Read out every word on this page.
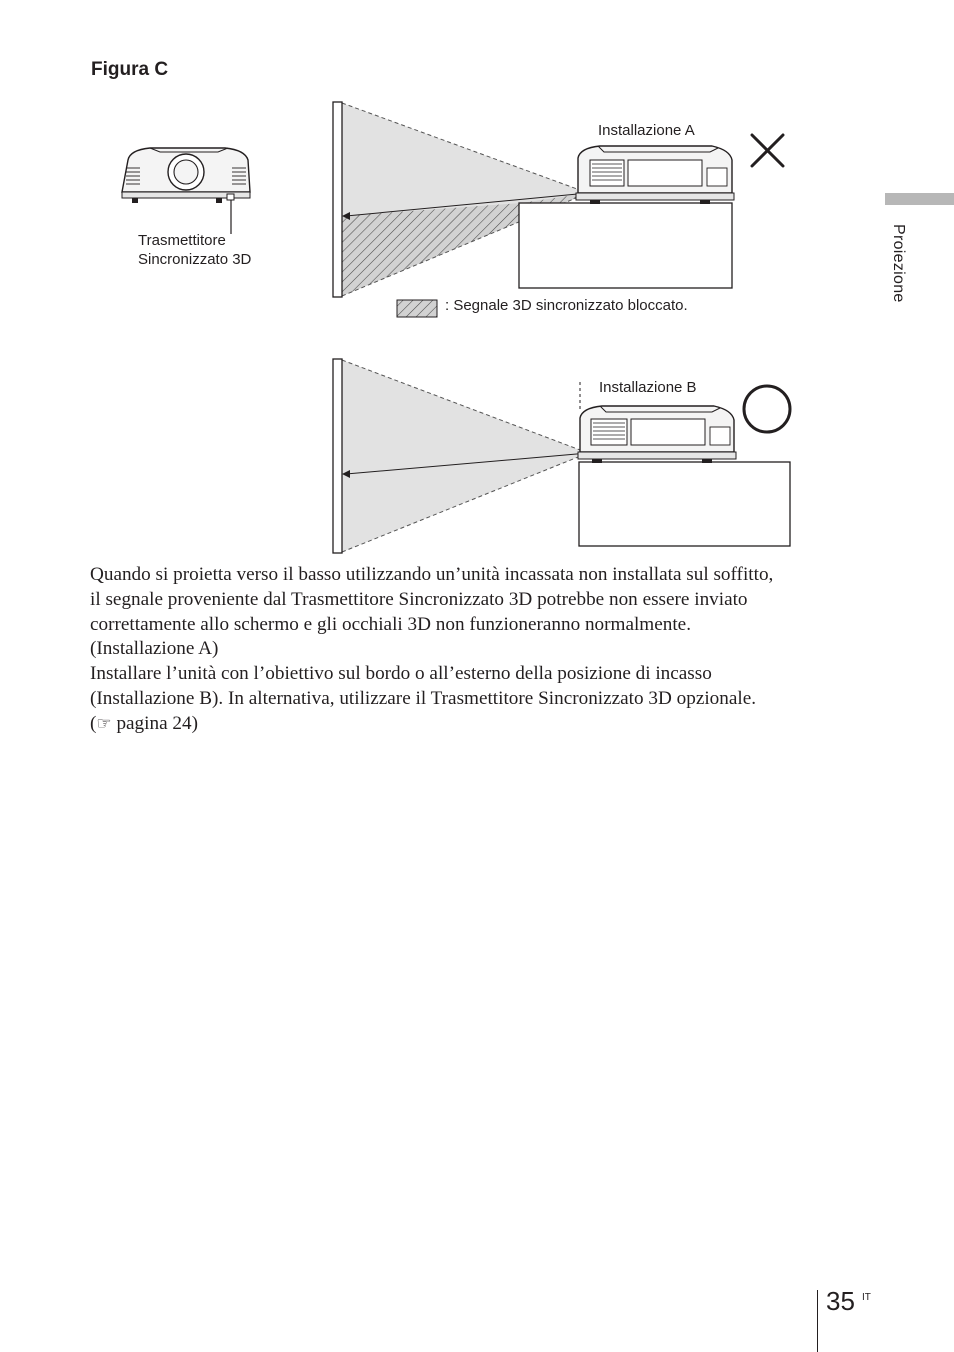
Figura C
Trasmettitore
Sincronizzato 3D
Installazione A
: Segnale 3D sincronizzato bloccato.
Installazione B

Quando si proietta verso il basso utilizzando un’unità incassata non installata sul soffitto,

il segnale proveniente dal Trasmettitore Sincronizzato 3D potrebbe non essere inviato

correttamente allo schermo e gli occhiali 3D non funzioneranno normalmente.

(Installazione A)

Installare l’unità con l’obiettivo sul bordo o all’esterno della posizione di incasso

(Installazione B). In alternativa, utilizzare il Trasmettitore Sincronizzato 3D opzionale.

(☞ pagina 24)

Proiezione
35 IT
